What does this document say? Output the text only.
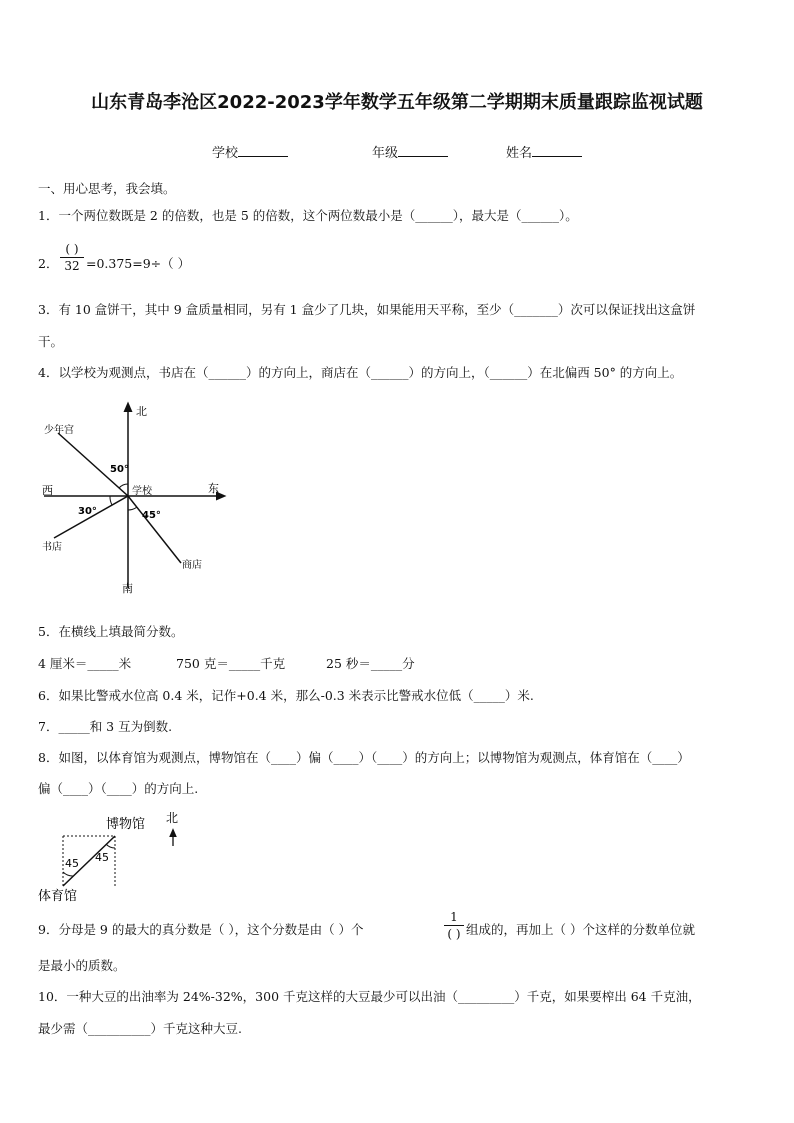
山东青岛李沧区2022-2023学年数学五年级第二学期期末质量跟踪监视试题
学校	年级	姓名
一、用心思考，我会填。
1．一个两位数既是 2 的倍数，也是 5 的倍数，这个两位数最小是（______），最大是（______）。
2．
( )
32 =0.375=9÷（ ）
3．有 10 盒饼干，其中 9 盒质量相同，另有 1 盒少了几块，如果能用天平称，至少（_______）次可以保证找出这盒饼
干。
4．以学校为观测点，书店在（______）的方向上，商店在（______）的方向上，（______）在北偏西 50° 的方向上。
北
南
东
西	学校
少年宫
书店
商店
50°
30°	45°
5．在横线上填最简分数。
4 厘米＝_____米	750 克＝_____千克	25 秒＝_____分
6．如果比警戒水位高 0.4 米，记作+0.4 米，那么-0.3 米表示比警戒水位低（_____）米.
7．_____和 3 互为倒数.
8．如图，以体育馆为观测点，博物馆在（____）偏（____）（____）的方向上；以博物馆为观测点，体育馆在（____）
偏（____）（____）的方向上.
博物馆
体育馆
北
45 45
9．分母是 9 的最大的真分数是（ ），这个分数是由（ ）个
1
( ) 组成的，再加上（ ）个这样的分数单位就
是最小的质数。
10．一种大豆的出油率为 24%-32%，300 千克这样的大豆最少可以出油（_________）千克，如果要榨出 64 千克油，
最少需（__________）千克这种大豆.
